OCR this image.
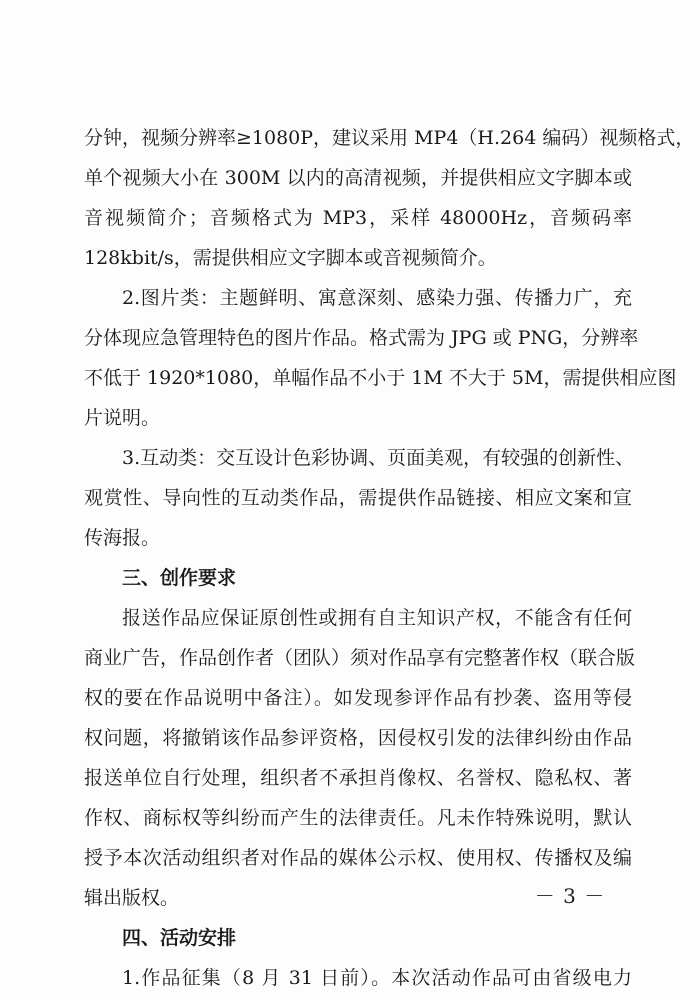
分钟，视频分辨率≥1080P，建议采用 MP4（H.264 编码）视频格式，
单个视频大小在 300M 以内的高清视频，并提供相应文字脚本或
音视频简介；音频格式为 MP3，采样 48000Hz，音频码率
128kbit/s，需提供相应文字脚本或音视频简介。
2.图片类：主题鲜明、寓意深刻、感染力强、传播力广，充
分体现应急管理特色的图片作品。格式需为 JPG 或 PNG，分辨率
不低于 1920*1080，单幅作品不小于 1M 不大于 5M，需提供相应图
片说明。
3.互动类：交互设计色彩协调、页面美观，有较强的创新性、
观赏性、导向性的互动类作品，需提供作品链接、相应文案和宣
传海报。
三、创作要求
报送作品应保证原创性或拥有自主知识产权，不能含有任何
商业广告，作品创作者（团队）须对作品享有完整著作权（联合版
权的要在作品说明中备注）。如发现参评作品有抄袭、盗用等侵
权问题，将撤销该作品参评资格，因侵权引发的法律纠纷由作品
报送单位自行处理，组织者不承担肖像权、名誉权、隐私权、著
作权、商标权等纠纷而产生的法律责任。凡未作特殊说明，默认
授予本次活动组织者对作品的媒体公示权、使用权、传播权及编
辑出版权。
四、活动安排
1.作品征集（8 月 31 日前）。本次活动作品可由省级电力
－ 3 －
